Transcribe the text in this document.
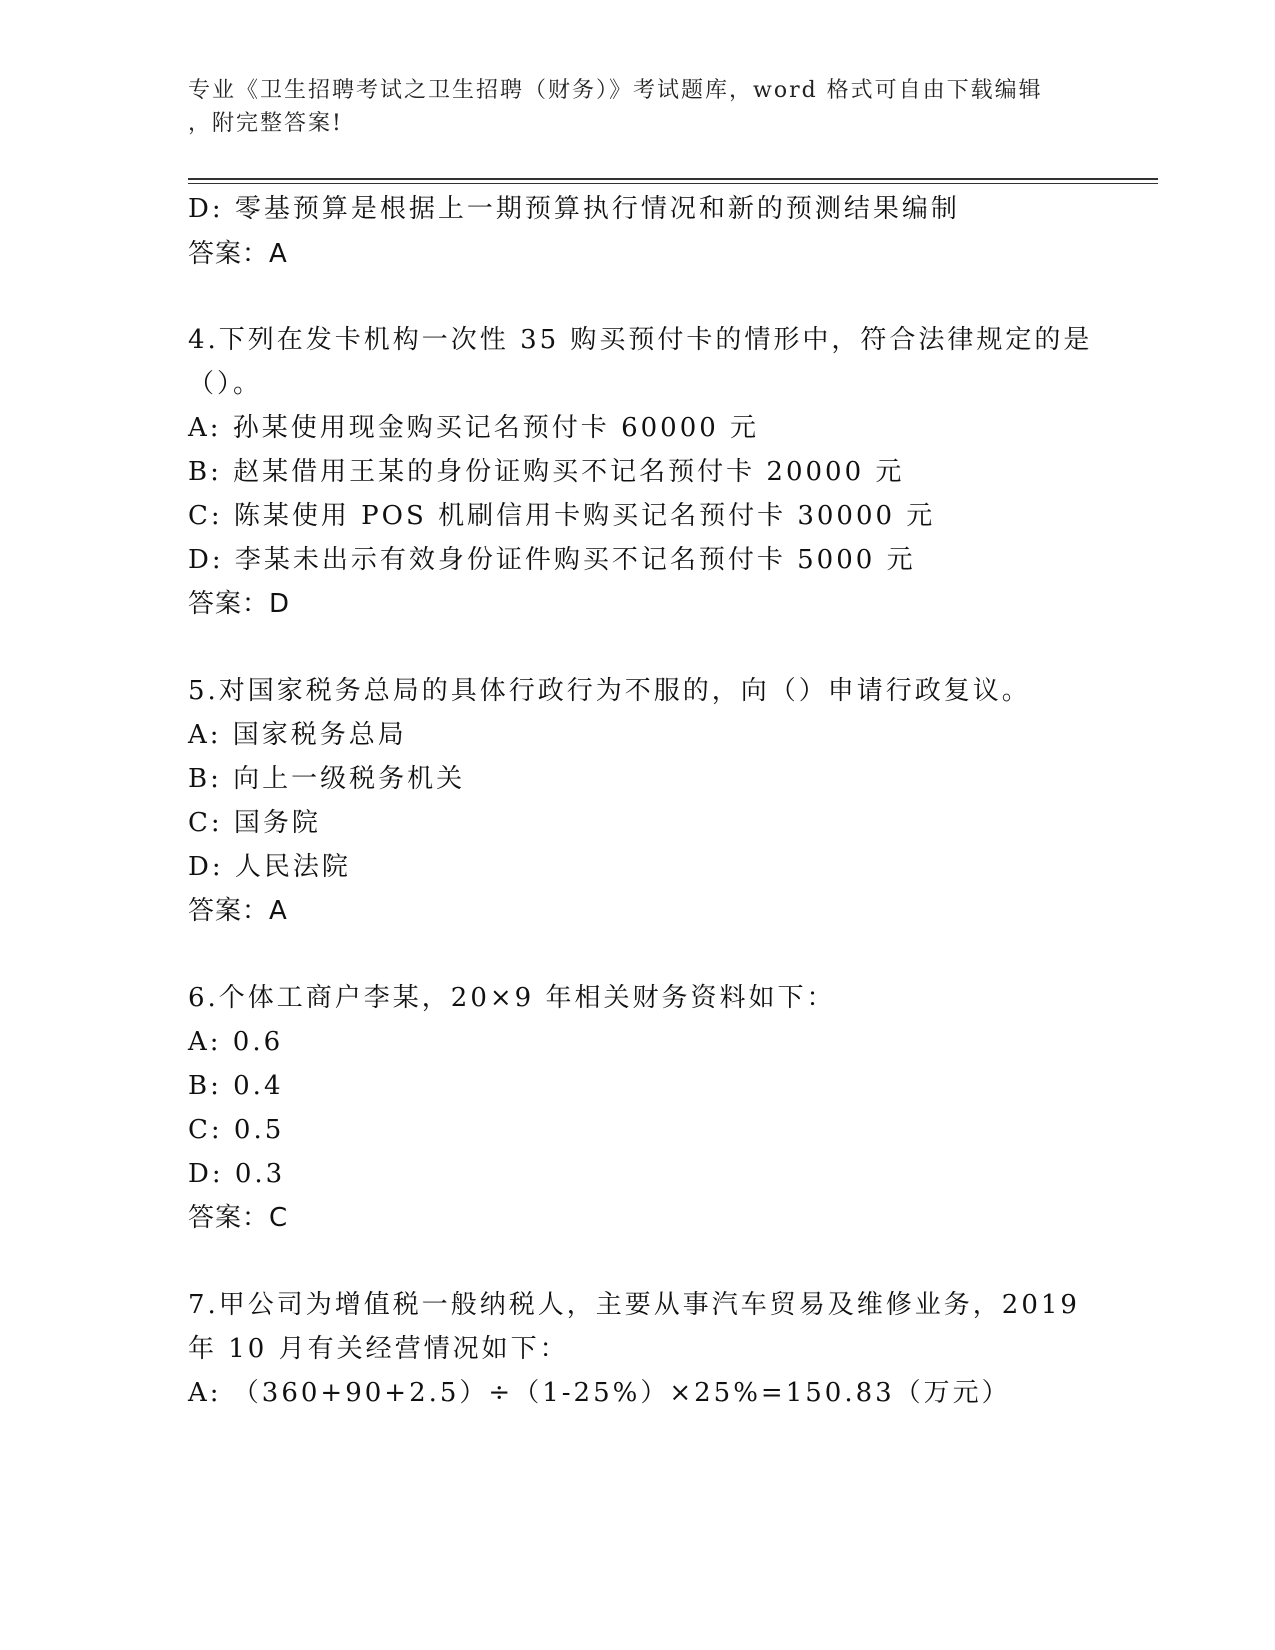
专业《卫生招聘考试之卫生招聘（财务）》考试题库，word 格式可自由下载编辑
，附完整答案!
D: 零基预算是根据上一期预算执行情况和新的预测结果编制
答案：A
4.下列在发卡机构一次性 35 购买预付卡的情形中，符合法律规定的是
（）。
A: 孙某使用现金购买记名预付卡 60000 元
B: 赵某借用王某的身份证购买不记名预付卡 20000 元
C: 陈某使用 POS 机刷信用卡购买记名预付卡 30000 元
D: 李某未出示有效身份证件购买不记名预付卡 5000 元
答案：D
5.对国家税务总局的具体行政行为不服的，向（）申请行政复议。
A: 国家税务总局
B: 向上一级税务机关
C: 国务院
D: 人民法院
答案：A
6.个体工商户李某，20×9 年相关财务资料如下：
A: 0.6
B: 0.4
C: 0.5
D: 0.3
答案：C
7.甲公司为增值税一般纳税人，主要从事汽车贸易及维修业务，2019
年 10 月有关经营情况如下：
A: （360+90+2.5）÷（1-25%）×25%=150.83（万元）
